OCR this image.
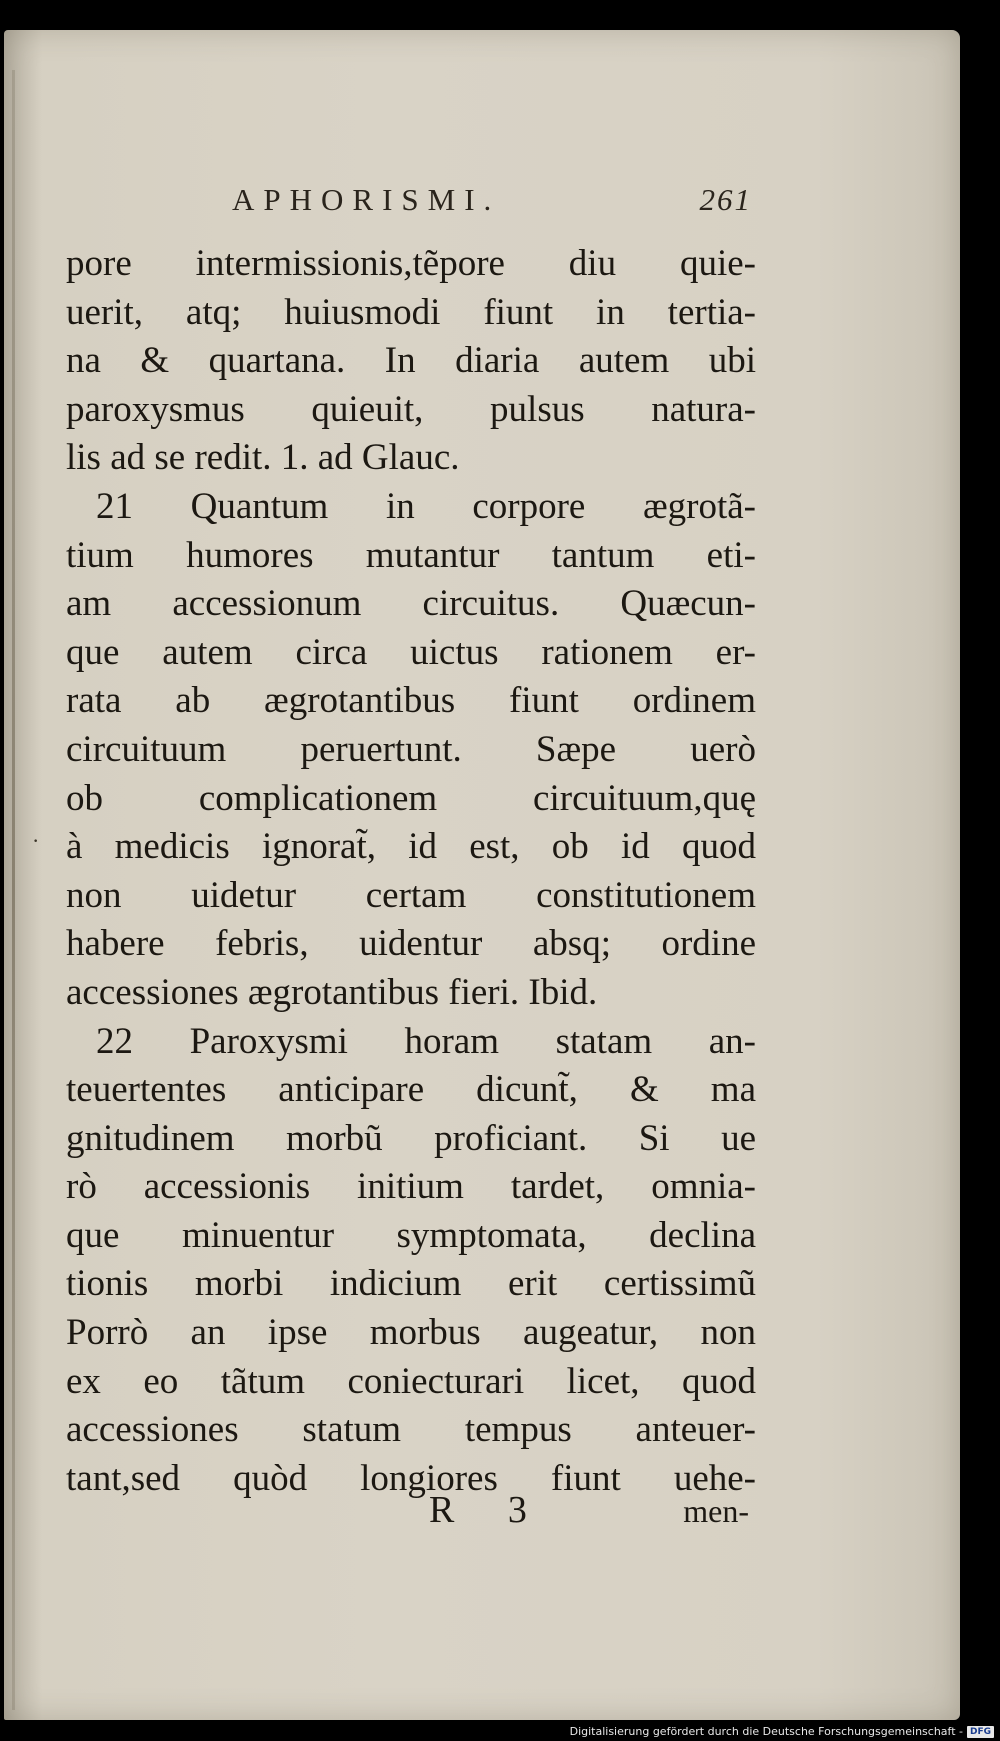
APHORISMI.	261
·
pore intermissionis,tẽpore diu quie-
uerit, atq; huiusmodi fiunt in tertia-
na & quartana. In diaria autem ubi
paroxysmus quieuit, pulsus natura-
lis ad se redit. 1. ad Glauc.
21 Quantum in corpore ægrotã-
tium humores mutantur tantum eti-
am accessionum circuitus. Quæcun-
que autem circa uictus rationem er-
rata ab ægrotantibus fiunt ordinem
circuituum peruertunt. Sæpe uerò
ob complicationem circuituum,quę
à medicis ignorat̃, id est, ob id quod
non uidetur certam constitutionem
habere febris, uidentur absq; ordine
accessiones ægrotantibus fieri. Ibid.
22 Paroxysmi horam statam an-
teuertentes anticipare dicunt̃, & ma
gnitudinem morbũ proficiant. Si ue
rò accessionis initium tardet, omnia-
que minuentur symptomata, declina
tionis morbi indicium erit certissimũ
Porrò an ipse morbus augeatur, non
ex eo tãtum coniecturari licet, quod
accessiones statum tempus anteuer-
tant,sed quòd longiores fiunt uehe-
R 3	men-
Digitalisierung gefördert durch die Deutsche Forschungsgemeinschaft - DFG
